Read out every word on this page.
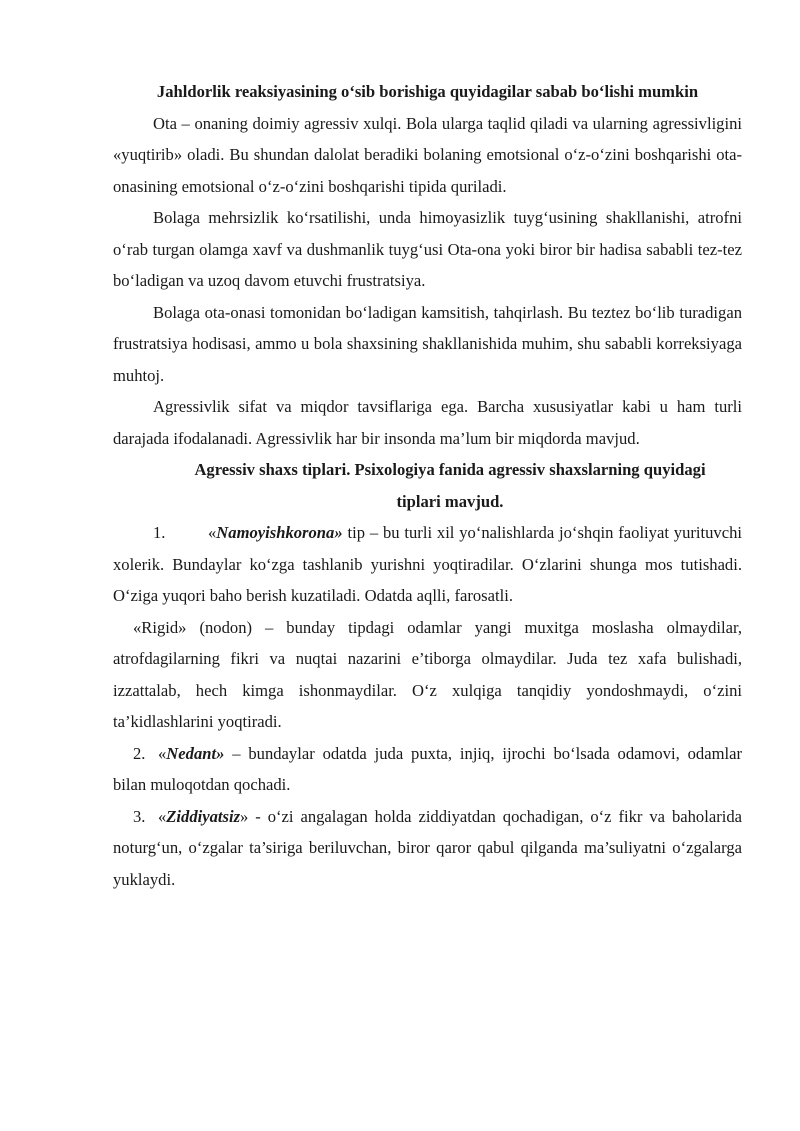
Jahldorlik reaksiyasining o‘sib borishiga quyidagilar sabab bo‘lishi mumkin

Ota – onaning doimiy agressiv xulqi. Bola ularga taqlid qiladi va ularning agressivligini «yuqtirib» oladi. Bu shundan dalolat beradiki bolaning emotsional o‘z-o‘zini boshqarishi ota-onasining emotsional o‘z-o‘zini boshqarishi tipida quriladi.

Bolaga mehrsizlik ko‘rsatilishi, unda himoyasizlik tuyg‘usining shakllanishi, atrofni o‘rab turgan olamga xavf va dushmanlik tuyg‘usi Ota-ona yoki biror bir hadisa sababli tez-tez bo‘ladigan va uzoq davom etuvchi frustratsiya.

Bolaga ota-onasi tomonidan bo‘ladigan kamsitish, tahqirlash. Bu teztez bo‘lib turadigan frustratsiya hodisasi, ammo u bola shaxsining shakllanishida muhim, shu sababli korreksiyaga muhtoj.

Agressivlik sifat va miqdor tavsiflariga ega. Barcha xususiyatlar kabi u ham turli darajada ifodalanadi. Agressivlik har bir insonda ma’lum bir miqdorda mavjud.

Agressiv shaxs tiplari. Psixologiya fanida agressiv shaxslarning quyidagi
tiplari mavjud.

1.	«Namoyishkorona» tip – bu turli xil yo‘nalishlarda jo‘shqin faoliyat yurituvchi xolerik. Bundaylar ko‘zga tashlanib yurishni yoqtiradilar. O‘zlarini shunga mos tutishadi. O‘ziga yuqori baho berish kuzatiladi. Odatda aqlli, farosatli.

«Rigid» (nodon) – bunday tipdagi odamlar yangi muxitga moslasha olmaydilar, atrofdagilarning fikri va nuqtai nazarini e’tiborga olmaydilar. Juda tez xafa bulishadi, izzattalab, hech kimga ishonmaydilar. O‘z xulqiga tanqidiy yondoshmaydi, o‘zini ta’kidlashlarini yoqtiradi.

2. «Nedant» – bundaylar odatda juda puxta, injiq, ijrochi bo‘lsada odamovi, odamlar bilan muloqotdan qochadi.

3. «Ziddiyatsiz» - o‘zi angalagan holda ziddiyatdan qochadigan, o‘z fikr va baholarida noturg‘un, o‘zgalar ta’siriga beriluvchan, biror qaror qabul qilganda ma’suliyatni o‘zgalarga yuklaydi.
